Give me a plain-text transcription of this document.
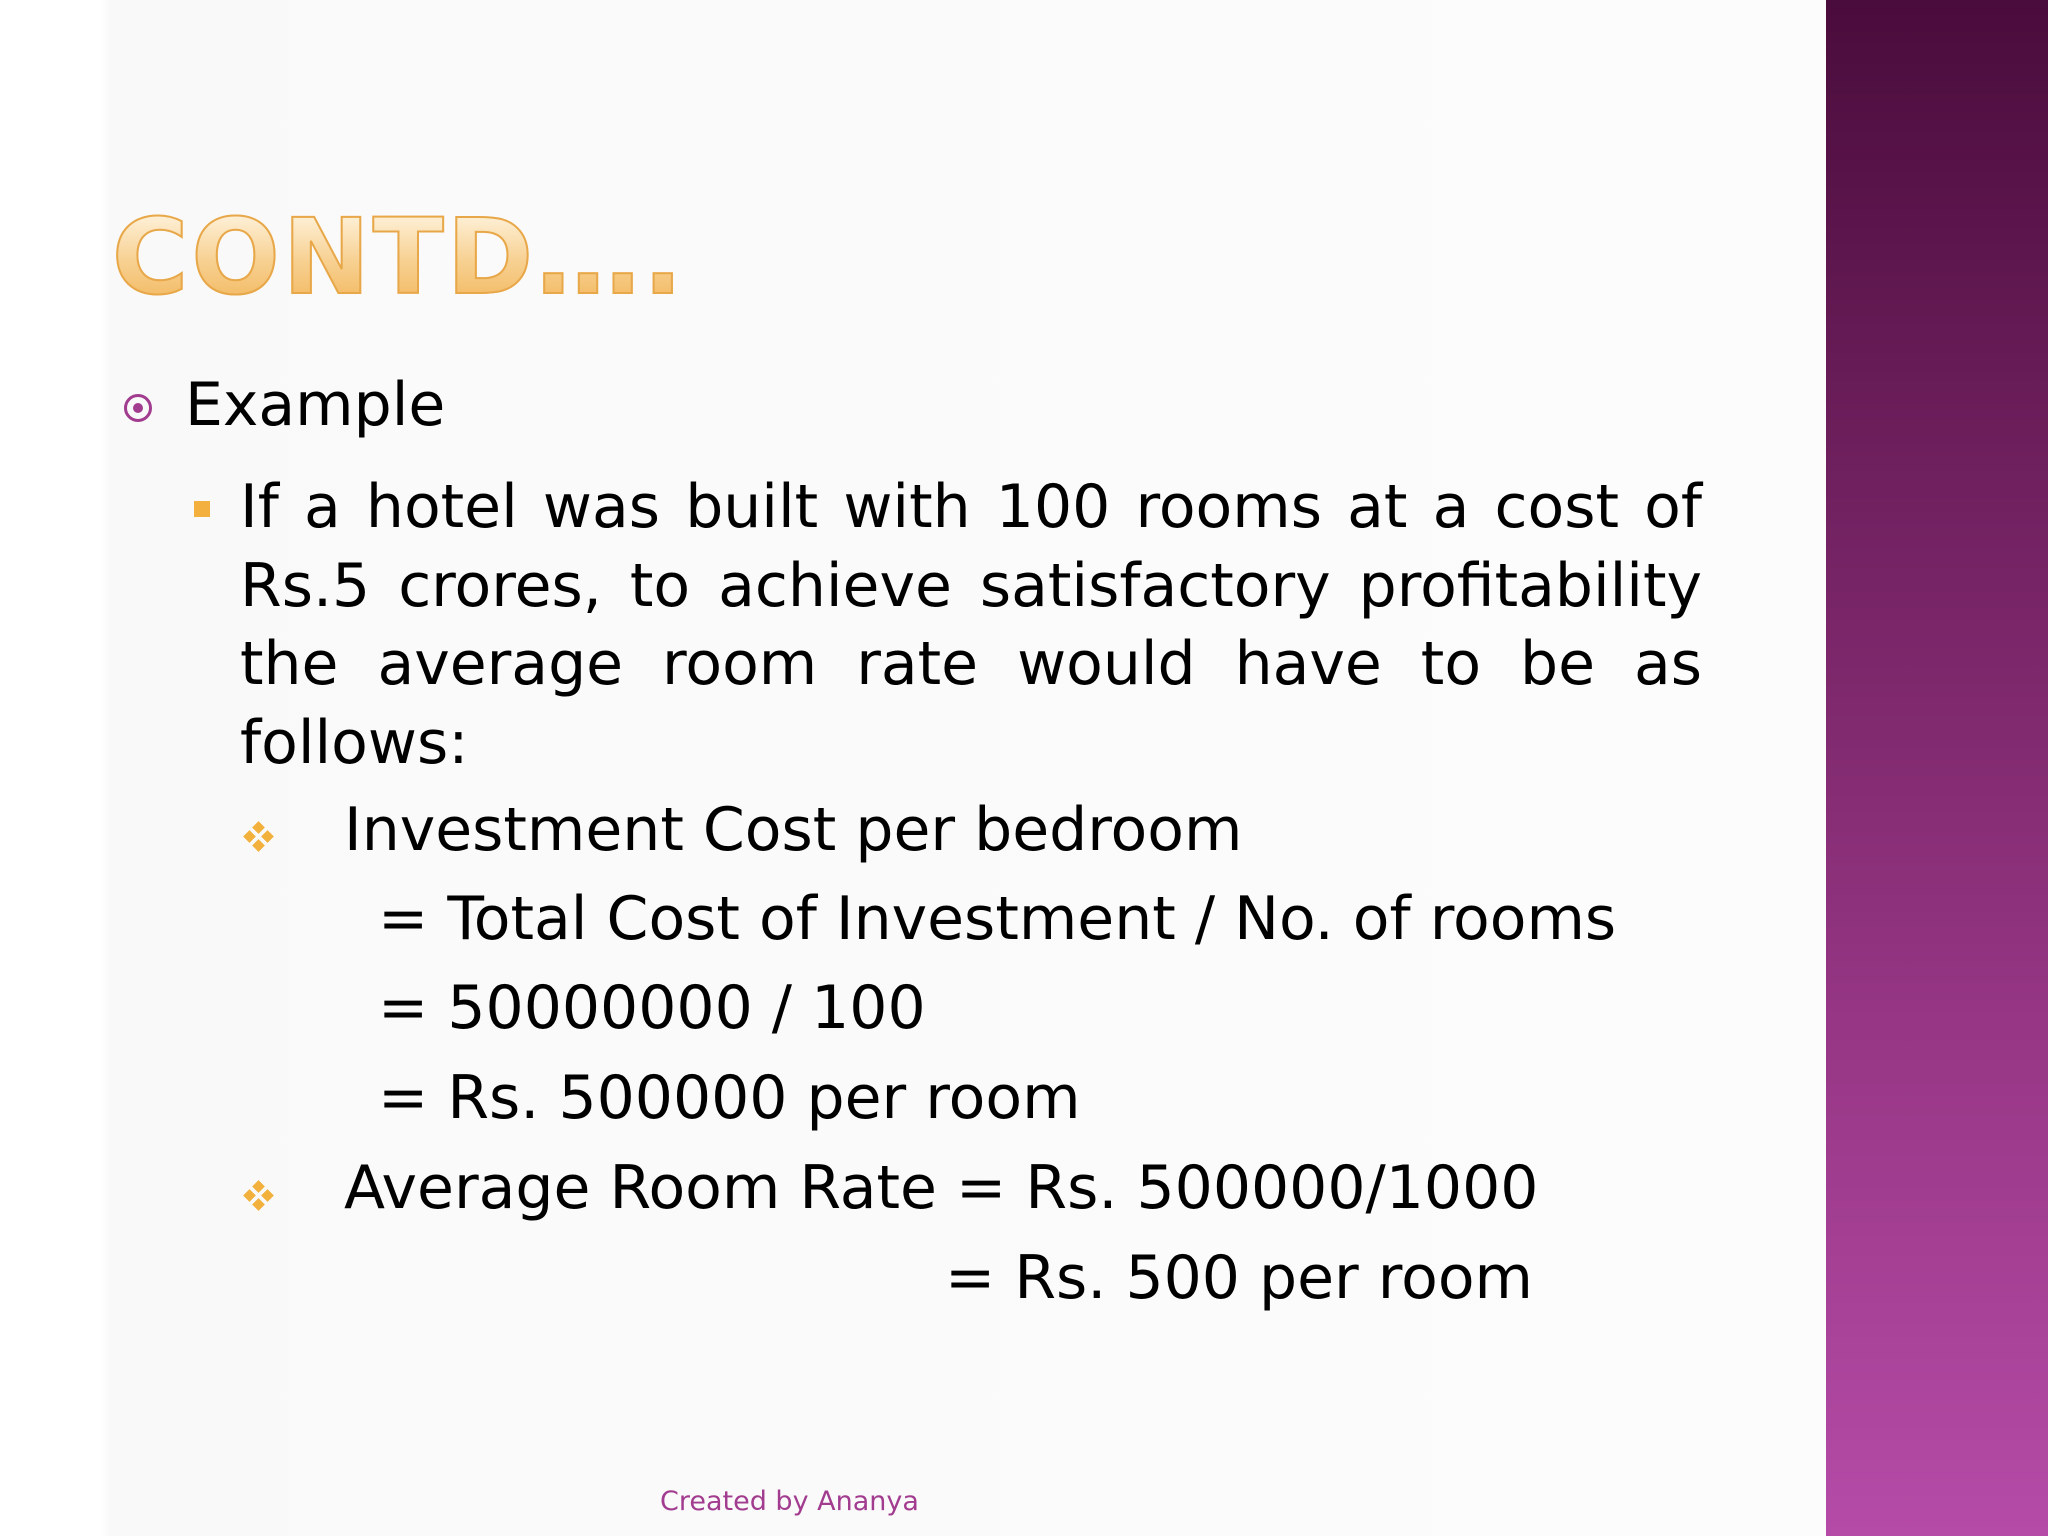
CONTD….
Example
If a hotel was built with 100 rooms at a cost of Rs.5 crores, to achieve satisfactory profitability the average room rate would have to be as follows:
Investment Cost per bedroom
= Total Cost of Investment / No. of rooms
= 50000000 / 100
= Rs. 500000 per room
Average Room Rate = Rs. 500000/1000
= Rs. 500 per room
Created by Ananya
